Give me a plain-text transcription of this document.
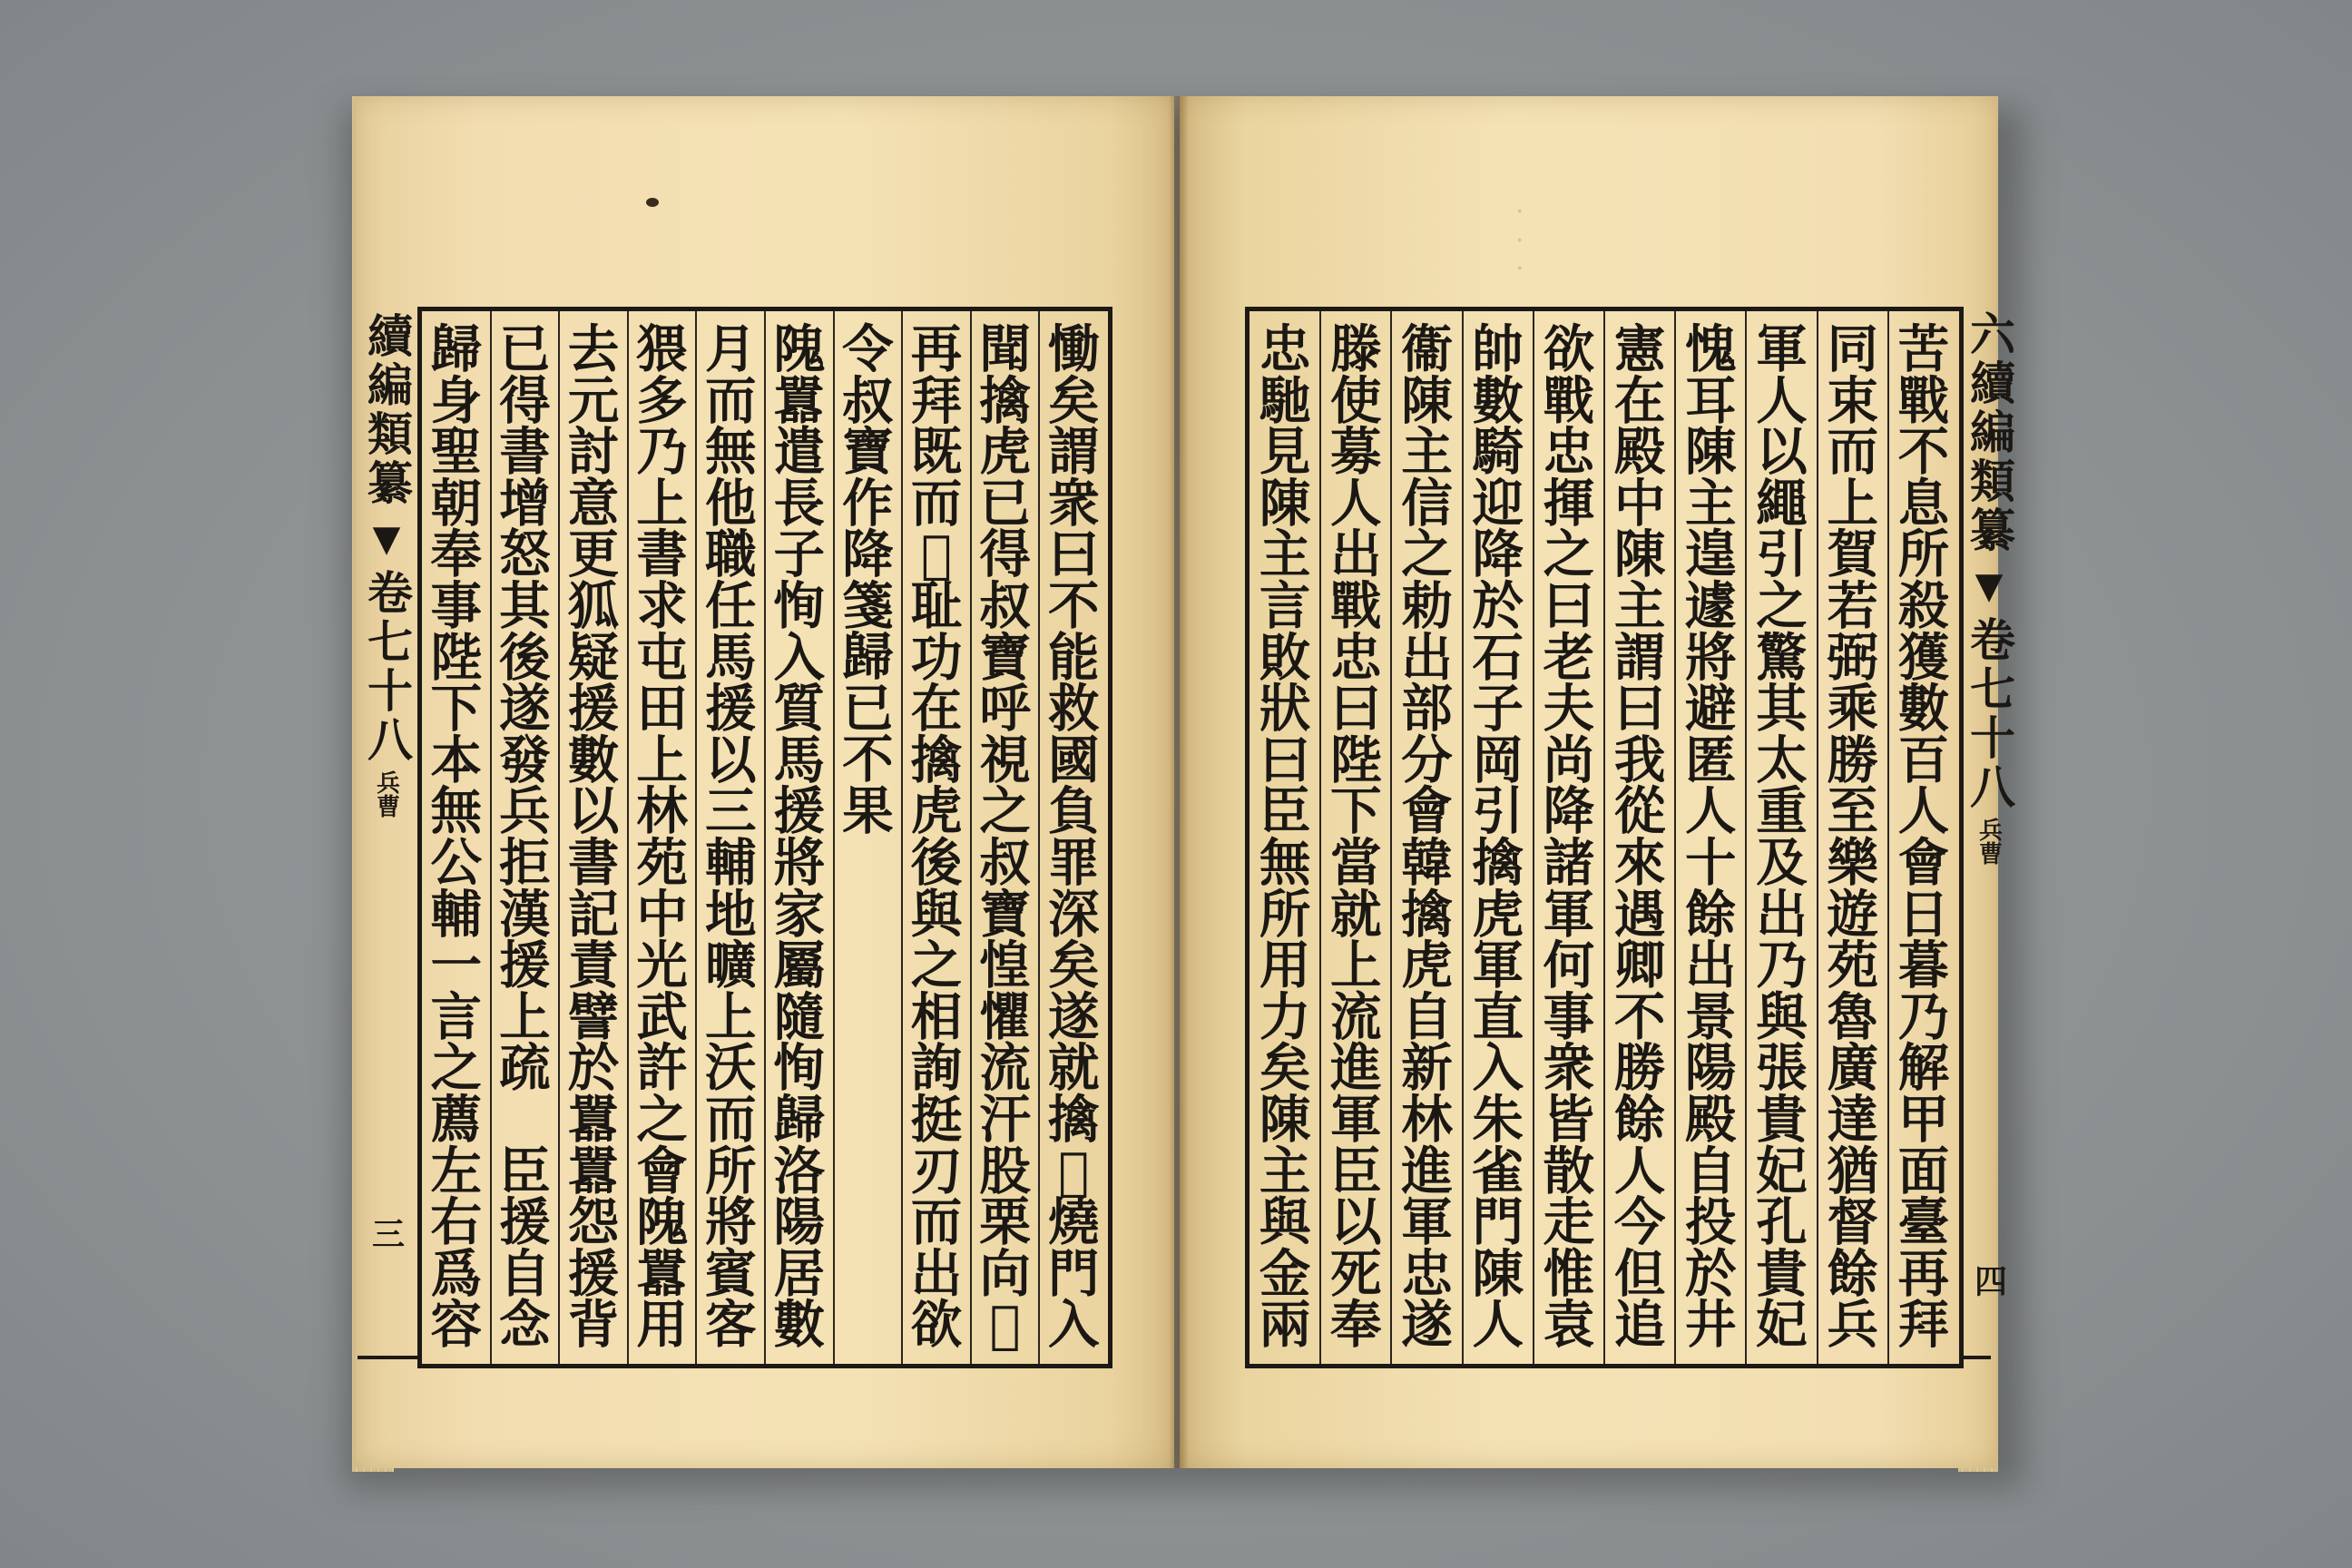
·
·
·
續編類纂
▼
卷七十八
兵曹
三
歸
身
聖
朝
奉
事
陛
下
本
無
公
輔
一
言
之
薦
左
右
爲
容
已
得
書
增
怒
其
後
遂
發
兵
拒
漢
援
上
疏

臣
援
自
念
去
元
討
意
更
狐
疑
援
數
以
書
記
責
譬
於
囂
囂
怨
援
背
猥
多
乃
上
書
求
屯
田
上
林
苑
中
光
武
許
之
會
隗
囂
用
月
而
無
他
職
任
馬
援
以
三
輔
地
曠
上
沃
而
所
將
賓
客
隗
囂
遣
長
子
恂
入
質
馬
援
將
家
屬
隨
恂
歸
洛
陽
居
數
令
叔
寶
作
降
箋
歸
已
不
果
再
拜
既
而
𠡠
耻
功
在
擒
虎
後
與
之
相
詢
挺
刃
而
出
欲
聞
擒
虎
已
得
叔
寶
呼
視
之
叔
寶
惶
懼
流
汗
股
栗
向
𠡠
慟
矣
謂
衆
曰
不
能
救
國
負
罪
深
矣
遂
就
擒
𠡠
燒
門
入
六續編類纂
▼
卷七十八
兵曹
四
忠
馳
見
陳
主
言
敗
狀
曰
臣
無
所
用
力
矣
陳
主
與
金
兩
滕
使
募
人
出
戰
忠
曰
陛
下
當
就
上
流
進
軍
臣
以
死
奉
衞
陳
主
信
之
勅
出
部
分
會
韓
擒
虎
自
新
林
進
軍
忠
遂
帥
數
騎
迎
降
於
石
子
岡
引
擒
虎
軍
直
入
朱
雀
門
陳
人
欲
戰
忠
揮
之
曰
老
夫
尚
降
諸
軍
何
事
衆
皆
散
走
惟
袁
憲
在
殿
中
陳
主
謂
曰
我
從
來
遇
卿
不
勝
餘
人
今
但
追
愧
耳
陳
主
遑
遽
將
避
匿
人
十
餘
出
景
陽
殿
自
投
於
井
軍
人
以
繩
引
之
驚
其
太
重
及
出
乃
與
張
貴
妃
孔
貴
妃
同
束
而
上
賀
若
弼
乘
勝
至
樂
遊
苑
魯
廣
達
猶
督
餘
兵
苦
戰
不
息
所
殺
獲
數
百
人
會
日
暮
乃
解
甲
面
臺
再
拜
